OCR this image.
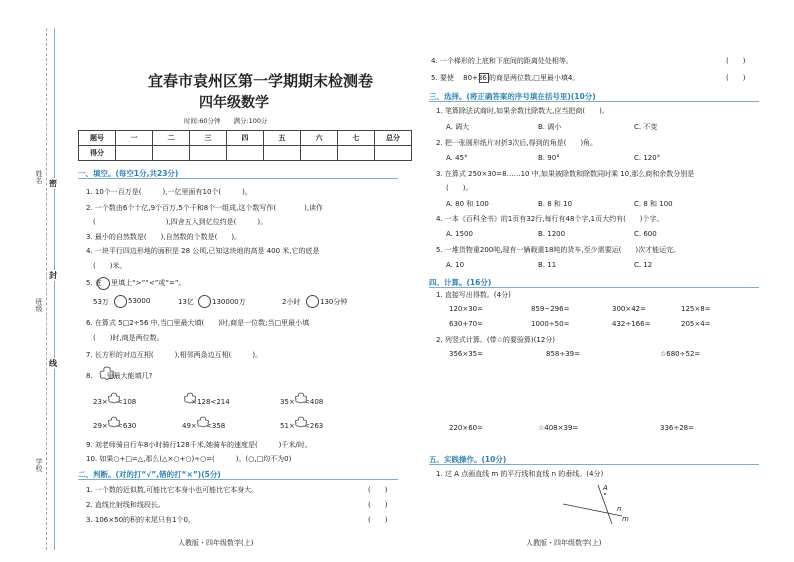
姓名
班级
学校
密
封
线
宜春市袁州区第一学期期末检测卷
四年级数学
时间:60分钟　　满分:100分
题号	一	二	三	四	五	六	七	总分
得分								
一、填空。(每空1分,共23分)
1. 10个一百万是(　　　),一亿里面有10个(　　　)。
2. 一个数由6个十亿,9个百万,5个千和8个一组成,这个数写作(　　　　),读作
(　　　　　　　　　　),四舍五入到亿位约是(　　　)。
3. 最小的自然数是(　　),自然数的个数是(　　)。
4. 一块平行四边形地的面积是 28 公顷,已知这块地的高是 400 米,它的底是
(　　)米。
5. 在　 里填上“>”“<”或“=”。
53万	53000	13亿	130000万	2小时	130分钟
6. 在算式 5□2÷56 中,当□里最大填(　　)时,商是一位数;当□里最小填
(　　)时,商是两位数。
7. 长方形的对边互相(　　　),相邻两条边互相(　　　)。
8.　　里最大能填几?
23×　 <108	　 ×128<214	35×　 <408
29×　 <630	49×　 <358	51×　 <263
9. 刘老师骑自行车8小时骑行128千米,她骑车的速度是(　　　)千米/时。
10. 如果○+□=△,那么(△×○+○)÷○=(　　　)。(○,□均不为0)
二、判断。(对的打“√”,错的打“×”)(5分)
1. 一个数的近似数,可能比它本身小也可能比它本身大。	(　　)
2. 直线比射线和线段长。	(　　)
3. 106×50的积的末尾只有1个0。	(　　)
人教版・四年级数学(上)
4. 一个梯形的上底和下底间的距离处处相等。	(　　)
5. 要使 　80+36 的商是两位数,□里最小填4。	(　　)
三、选择。(将正确答案的序号填在括号里)(10分)
1. 笔算除法试商时,如果余数比除数大,应当把商(　　)。
A. 调大	B. 调小	C. 不变
2. 把一张圆形纸片对折3次后,得到的角是(　　)角。
A. 45°	B. 90°	C. 120°
3. 在算式 250×30=8……10 中,如果被除数和除数同时乘 10,那么商和余数分别是
(　　)。
A. 80 和 100	B. 8 和 10	C. 8 和 100
4. 一本《百科全书》的1页有32行,每行有48个字,1页大约有(　　)个字。
A. 1500	B. 1200	C. 600
5. 一堆货物重200吨,现有一辆载重18吨的货车,至少需要运(　　)次才能运完。
A. 10	B. 11	C. 12
四、计算。(16分)
1. 直接写出得数。(4分)
120×30=	859−296=	300×42=	125×8=
630+70=	1000÷50=	432÷166=	205×4=
2. 列竖式计算。(带☆的要验算)(12分)
356×35=	858÷39=	☆680÷52=
220×60=	☆408×39=	336÷28=
五、实践操作。(10分)
1. 过 A 点画直线 m 的平行线和直线 n 的垂线。(4分)
A
n
m
人教版・四年级数学(上)
